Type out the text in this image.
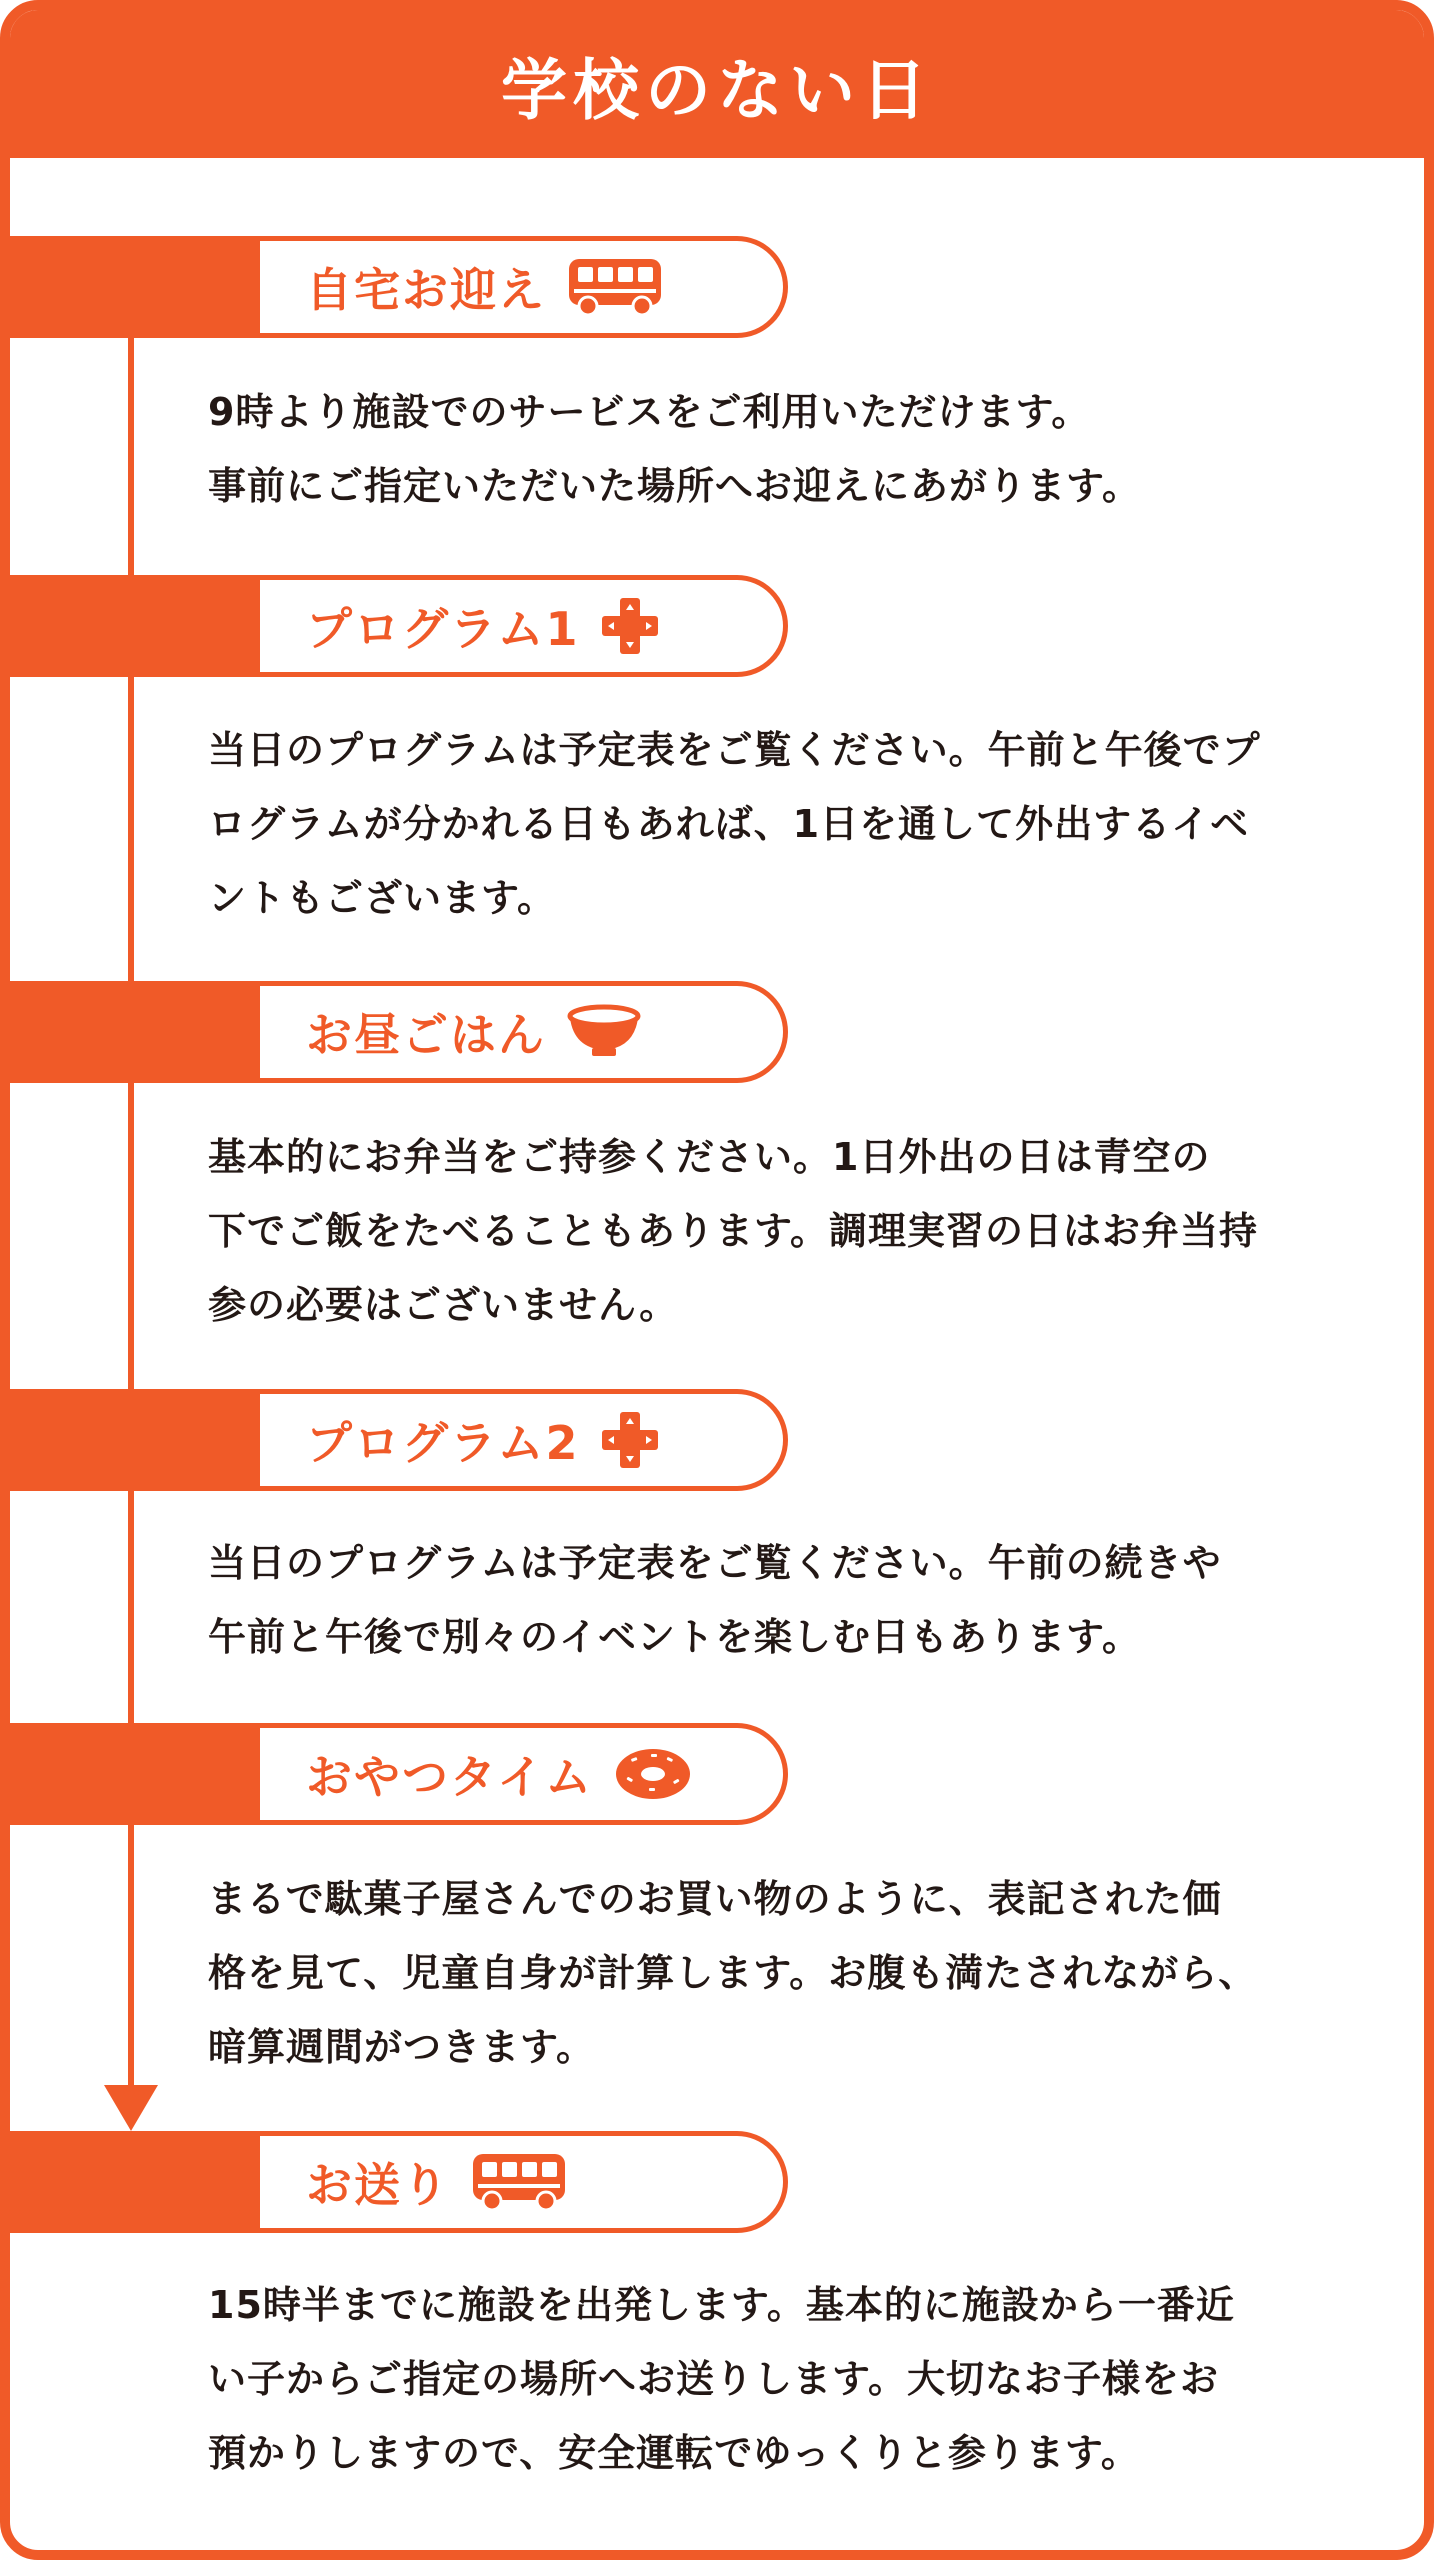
学校のない日
自宅お迎え
9時より施設でのサービスをご利用いただけます。
事前にご指定いただいた場所へお迎えにあがります。
プログラム1
当日のプログラムは予定表をご覧ください。午前と午後でプ
ログラムが分かれる日もあれば、1日を通して外出するイベ
ントもございます。
お昼ごはん
基本的にお弁当をご持参ください。1日外出の日は青空の
下でご飯をたべることもあります。調理実習の日はお弁当持
参の必要はございません。
プログラム2
当日のプログラムは予定表をご覧ください。午前の続きや
午前と午後で別々のイベントを楽しむ日もあります。
おやつタイム
まるで駄菓子屋さんでのお買い物のように、表記された価
格を見て、児童自身が計算します。お腹も満たされながら、
暗算週間がつきます。
お送り
15時半までに施設を出発します。基本的に施設から一番近
い子からご指定の場所へお送りします。大切なお子様をお
預かりしますので、安全運転でゆっくりと参ります。
